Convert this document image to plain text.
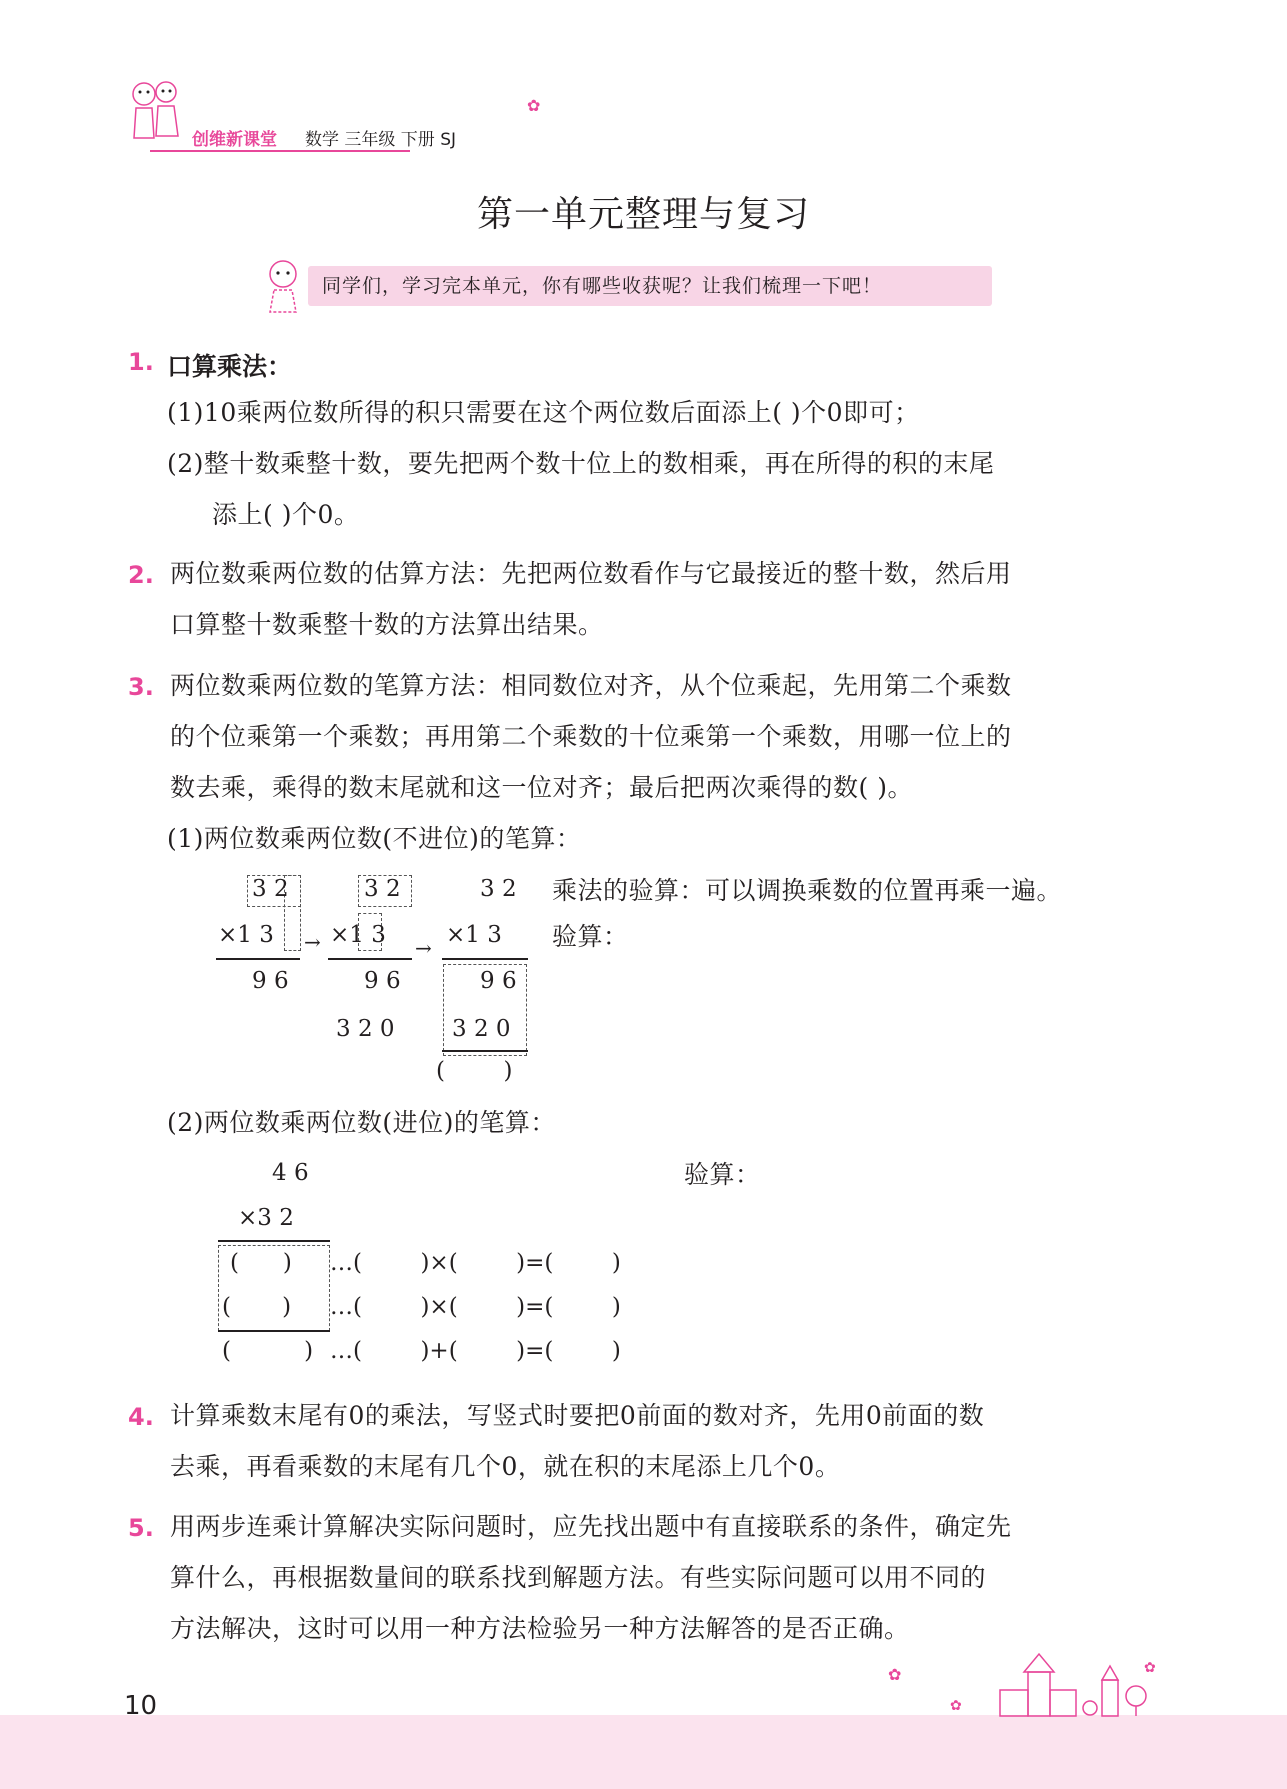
✿
创维新课堂 数学 三年级 下册 SJ
第一单元整理与复习
同学们，学习完本单元，你有哪些收获呢？让我们梳理一下吧！
1. 口算乘法：
(1)10乘两位数所得的积只需要在这个两位数后面添上( )个0即可；
(2)整十数乘整十数，要先把两个数十位上的数相乘，再在所得的积的末尾
添上( )个0。
2. 两位数乘两位数的估算方法：先把两位数看作与它最接近的整十数，然后用
口算整十数乘整十数的方法算出结果。
3. 两位数乘两位数的笔算方法：相同数位对齐，从个位乘起，先用第二个乘数
的个位乘第一个乘数；再用第二个乘数的十位乘第一个乘数，用哪一位上的
数去乘，乘得的数末尾就和这一位对齐；最后把两次乘得的数( )。
(1)两位数乘两位数(不进位)的笔算：
3 2
×1 3
9 6
→
3 2
×1 3
9 6
3 2 0
→
3 2
×1 3
9 6
3 2 0
(        )
乘法的验算：可以调换乘数的位置再乘一遍。
验算：
(2)两位数乘两位数(进位)的笔算：
4 6	验算：
×3 2
(      ) …(        )×(        )=(        )
(       ) …(        )×(        )=(        )
(          ) …(        )+(        )=(        )
4. 计算乘数末尾有0的乘法，写竖式时要把0前面的数对齐，先用0前面的数
去乘，再看乘数的末尾有几个0，就在积的末尾添上几个0。
5. 用两步连乘计算解决实际问题时，应先找出题中有直接联系的条件，确定先
算什么，再根据数量间的联系找到解题方法。有些实际问题可以用不同的
方法解决，这时可以用一种方法检验另一种方法解答的是否正确。
10
✿
✿
✿
